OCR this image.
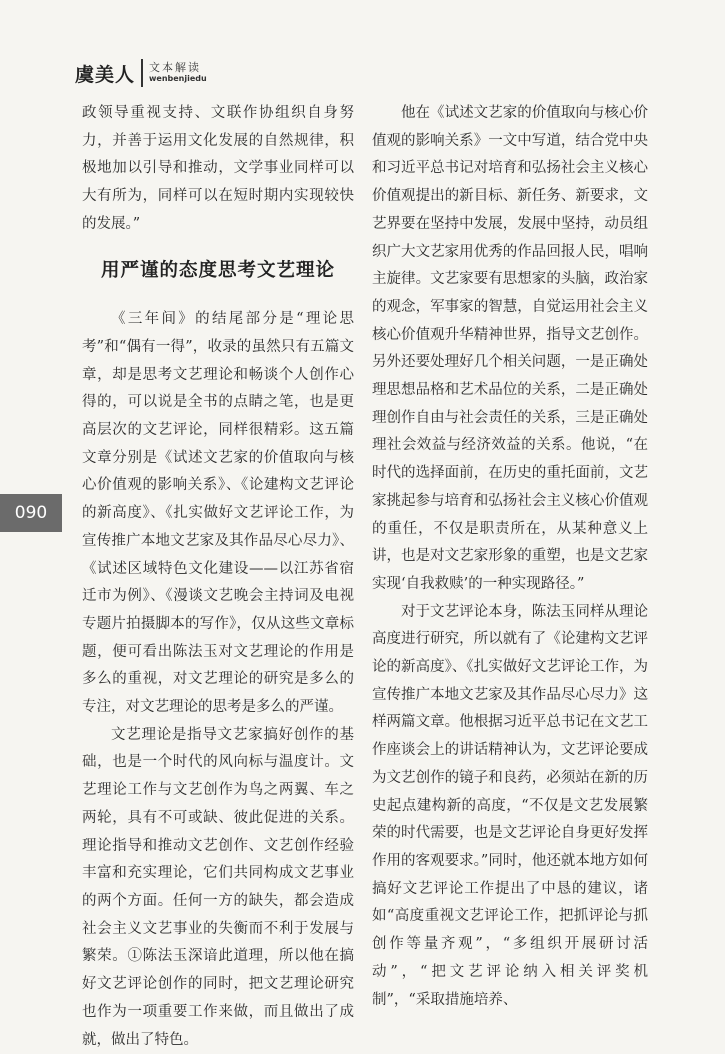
虞美人 文本解读
wenbenjiedu

政领导重视支持、文联作协组织自身努力，并善于运用文化发展的自然规律，积极地加以引导和推动，文学事业同样可以大有所为，同样可以在短时期内实现较快的发展。”

用严谨的态度思考文艺理论

《三年间》的结尾部分是“理论思考”和“偶有一得”，收录的虽然只有五篇文章，却是思考文艺理论和畅谈个人创作心得的，可以说是全书的点睛之笔，也是更高层次的文艺评论，同样很精彩。这五篇文章分别是《试述文艺家的价值取向与核心价值观的影响关系》、《论建构文艺评论的新高度》、《扎实做好文艺评论工作，为宣传推广本地文艺家及其作品尽心尽力》、《试述区域特色文化建设——以江苏省宿迁市为例》、《漫谈文艺晚会主持词及电视专题片拍摄脚本的写作》，仅从这些文章标题，便可看出陈法玉对文艺理论的作用是多么的重视，对文艺理论的研究是多么的专注，对文艺理论的思考是多么的严谨。

文艺理论是指导文艺家搞好创作的基础，也是一个时代的风向标与温度计。文艺理论工作与文艺创作为鸟之两翼、车之两轮，具有不可或缺、彼此促进的关系。理论指导和推动文艺创作、文艺创作经验丰富和充实理论，它们共同构成文艺事业的两个方面。任何一方的缺失，都会造成社会主义文艺事业的失衡而不利于发展与繁荣。①陈法玉深谙此道理，所以他在搞好文艺评论创作的同时，把文艺理论研究也作为一项重要工作来做，而且做出了成就，做出了特色。

他在《试述文艺家的价值取向与核心价值观的影响关系》一文中写道，结合党中央和习近平总书记对培育和弘扬社会主义核心价值观提出的新目标、新任务、新要求，文艺界要在坚持中发展，发展中坚持，动员组织广大文艺家用优秀的作品回报人民，唱响主旋律。文艺家要有思想家的头脑，政治家的观念，军事家的智慧，自觉运用社会主义核心价值观升华精神世界，指导文艺创作。另外还要处理好几个相关问题，一是正确处理思想品格和艺术品位的关系，二是正确处理创作自由与社会责任的关系，三是正确处理社会效益与经济效益的关系。他说，“在时代的选择面前，在历史的重托面前，文艺家挑起参与培育和弘扬社会主义核心价值观的重任，不仅是职责所在，从某种意义上讲，也是对文艺家形象的重塑，也是文艺家实现‘自我救赎’的一种实现路径。”

对于文艺评论本身，陈法玉同样从理论高度进行研究，所以就有了《论建构文艺评论的新高度》、《扎实做好文艺评论工作，为宣传推广本地文艺家及其作品尽心尽力》这样两篇文章。他根据习近平总书记在文艺工作座谈会上的讲话精神认为，文艺评论要成为文艺创作的镜子和良药，必须站在新的历史起点建构新的高度，“不仅是文艺发展繁荣的时代需要，也是文艺评论自身更好发挥作用的客观要求。”同时，他还就本地方如何搞好文艺评论工作提出了中恳的建议，诸如“高度重视文艺评论工作，把抓评论与抓创作等量齐观”，“多组织开展研讨活动”，“把文艺评论纳入相关评奖机制”，“采取措施培养、

090
